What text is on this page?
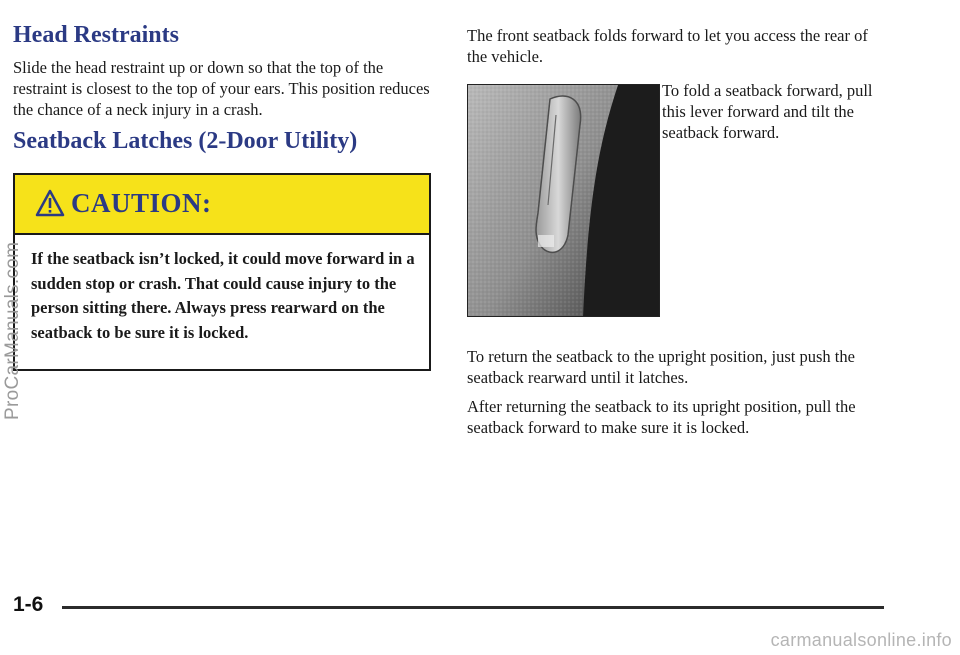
Head Restraints

Slide the head restraint up or down so that the top of the restraint is closest to the top of your ears. This position reduces the chance of a neck injury in a crash.

Seatback Latches (2-Door Utility)
CAUTION:

If the seatback isn’t locked, it could move forward in a sudden stop or crash. That could cause injury to the person sitting there. Always press rearward on the seatback to be sure it is locked.

The front seatback folds forward to let you access the rear of the vehicle.

To fold a seatback forward, pull this lever forward and tilt the seatback forward.

To return the seatback to the upright position, just push the seatback rearward until it latches.

After returning the seatback to its upright position, pull the seatback forward to make sure it is locked.

ProCarManuals.com
1-6
carmanualsonline.info
